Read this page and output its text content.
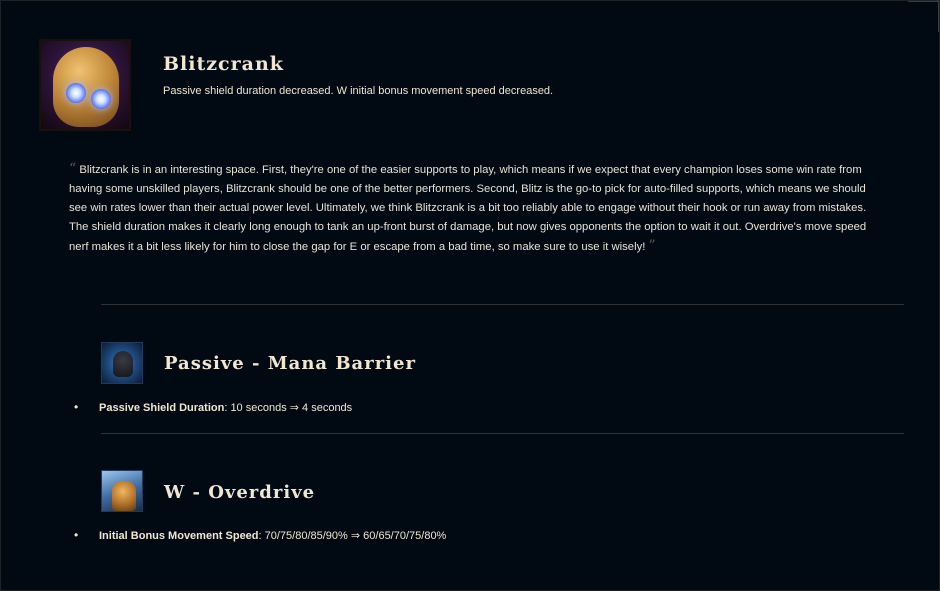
Blitzcrank
Passive shield duration decreased. W initial bonus movement speed decreased.
“ Blitzcrank is in an interesting space. First, they're one of the easier supports to play, which means if we expect that every champion loses some win rate from having some unskilled players, Blitzcrank should be one of the better performers. Second, Blitz is the go-to pick for auto-filled supports, which means we should see win rates lower than their actual power level. Ultimately, we think Blitzcrank is a bit too reliably able to engage without their hook or run away from mistakes. The shield duration makes it clearly long enough to tank an up-front burst of damage, but now gives opponents the option to wait it out. Overdrive's move speed nerf makes it a bit less likely for him to close the gap for E or escape from a bad time, so make sure to use it wisely! ”
Passive - Mana Barrier
• Passive Shield Duration: 10 seconds ⇒ 4 seconds
W - Overdrive
• Initial Bonus Movement Speed: 70/75/80/85/90% ⇒ 60/65/70/75/80%
